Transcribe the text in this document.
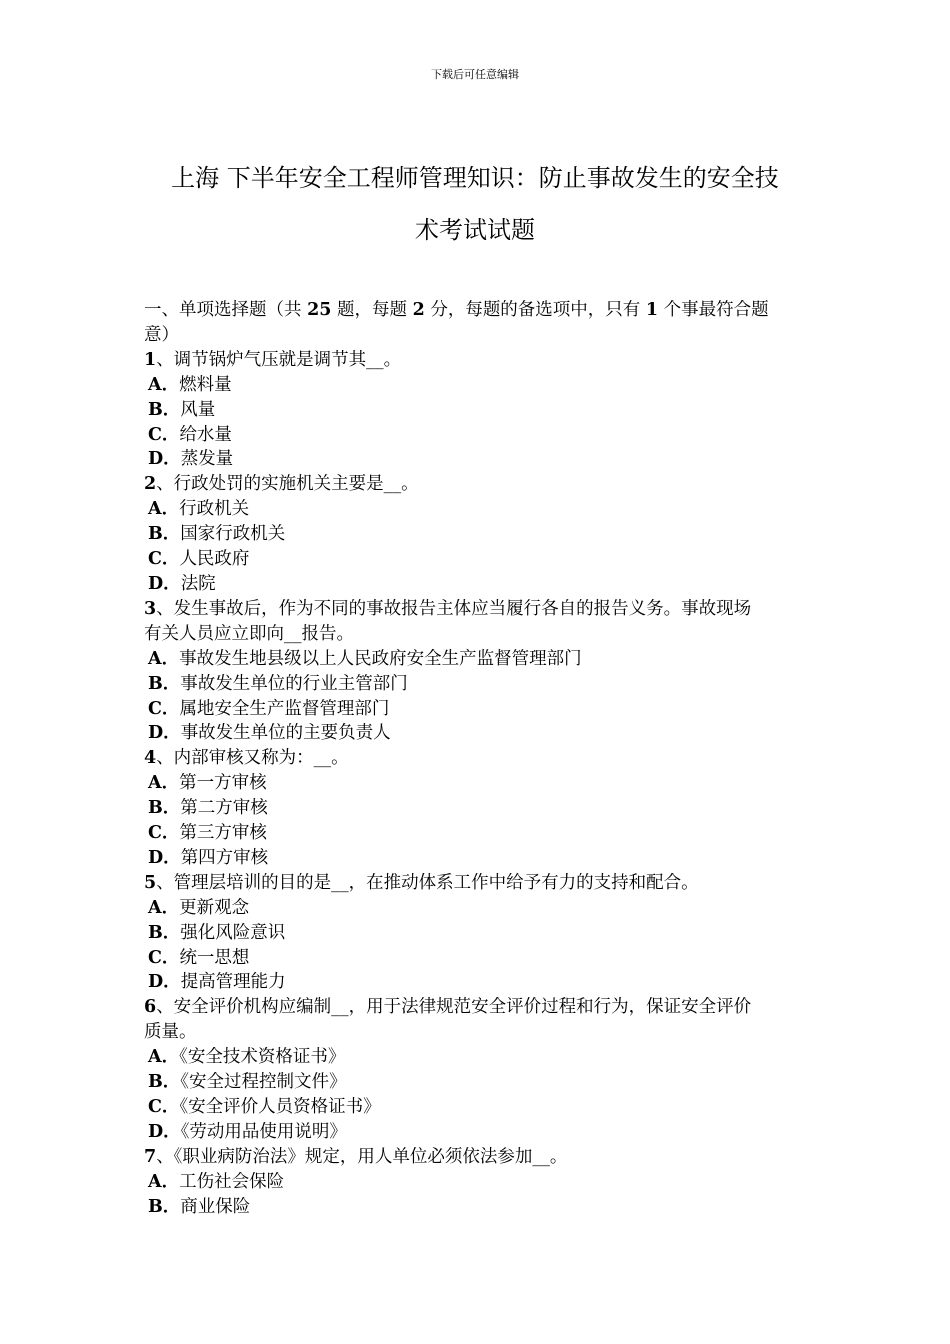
下载后可任意编辑
上海 下半年安全工程师管理知识：防止事故发生的安全技
术考试试题
一、单项选择题（共 25 题，每题 2 分，每题的备选项中，只有 1 个事最符合题
意）
1、调节锅炉气压就是调节其__。
A．燃料量
B．风量
C．给水量
D．蒸发量
2、行政处罚的实施机关主要是__。
A．行政机关
B．国家行政机关
C．人民政府
D．法院
3、发生事故后，作为不同的事故报告主体应当履行各自的报告义务。事故现场
有关人员应立即向__报告。
A．事故发生地县级以上人民政府安全生产监督管理部门
B．事故发生单位的行业主管部门
C．属地安全生产监督管理部门
D．事故发生单位的主要负责人
4、内部审核又称为：__。
A．第一方审核
B．第二方审核
C．第三方审核
D．第四方审核
5、管理层培训的目的是__，在推动体系工作中给予有力的支持和配合。
A．更新观念
B．强化风险意识
C．统一思想
D．提高管理能力
6、安全评价机构应编制__，用于法律规范安全评价过程和行为，保证安全评价
质量。
A．《安全技术资格证书》
B．《安全过程控制文件》
C．《安全评价人员资格证书》
D．《劳动用品使用说明》
7、《职业病防治法》规定，用人单位必须依法参加__。
A．工伤社会保险
B．商业保险
